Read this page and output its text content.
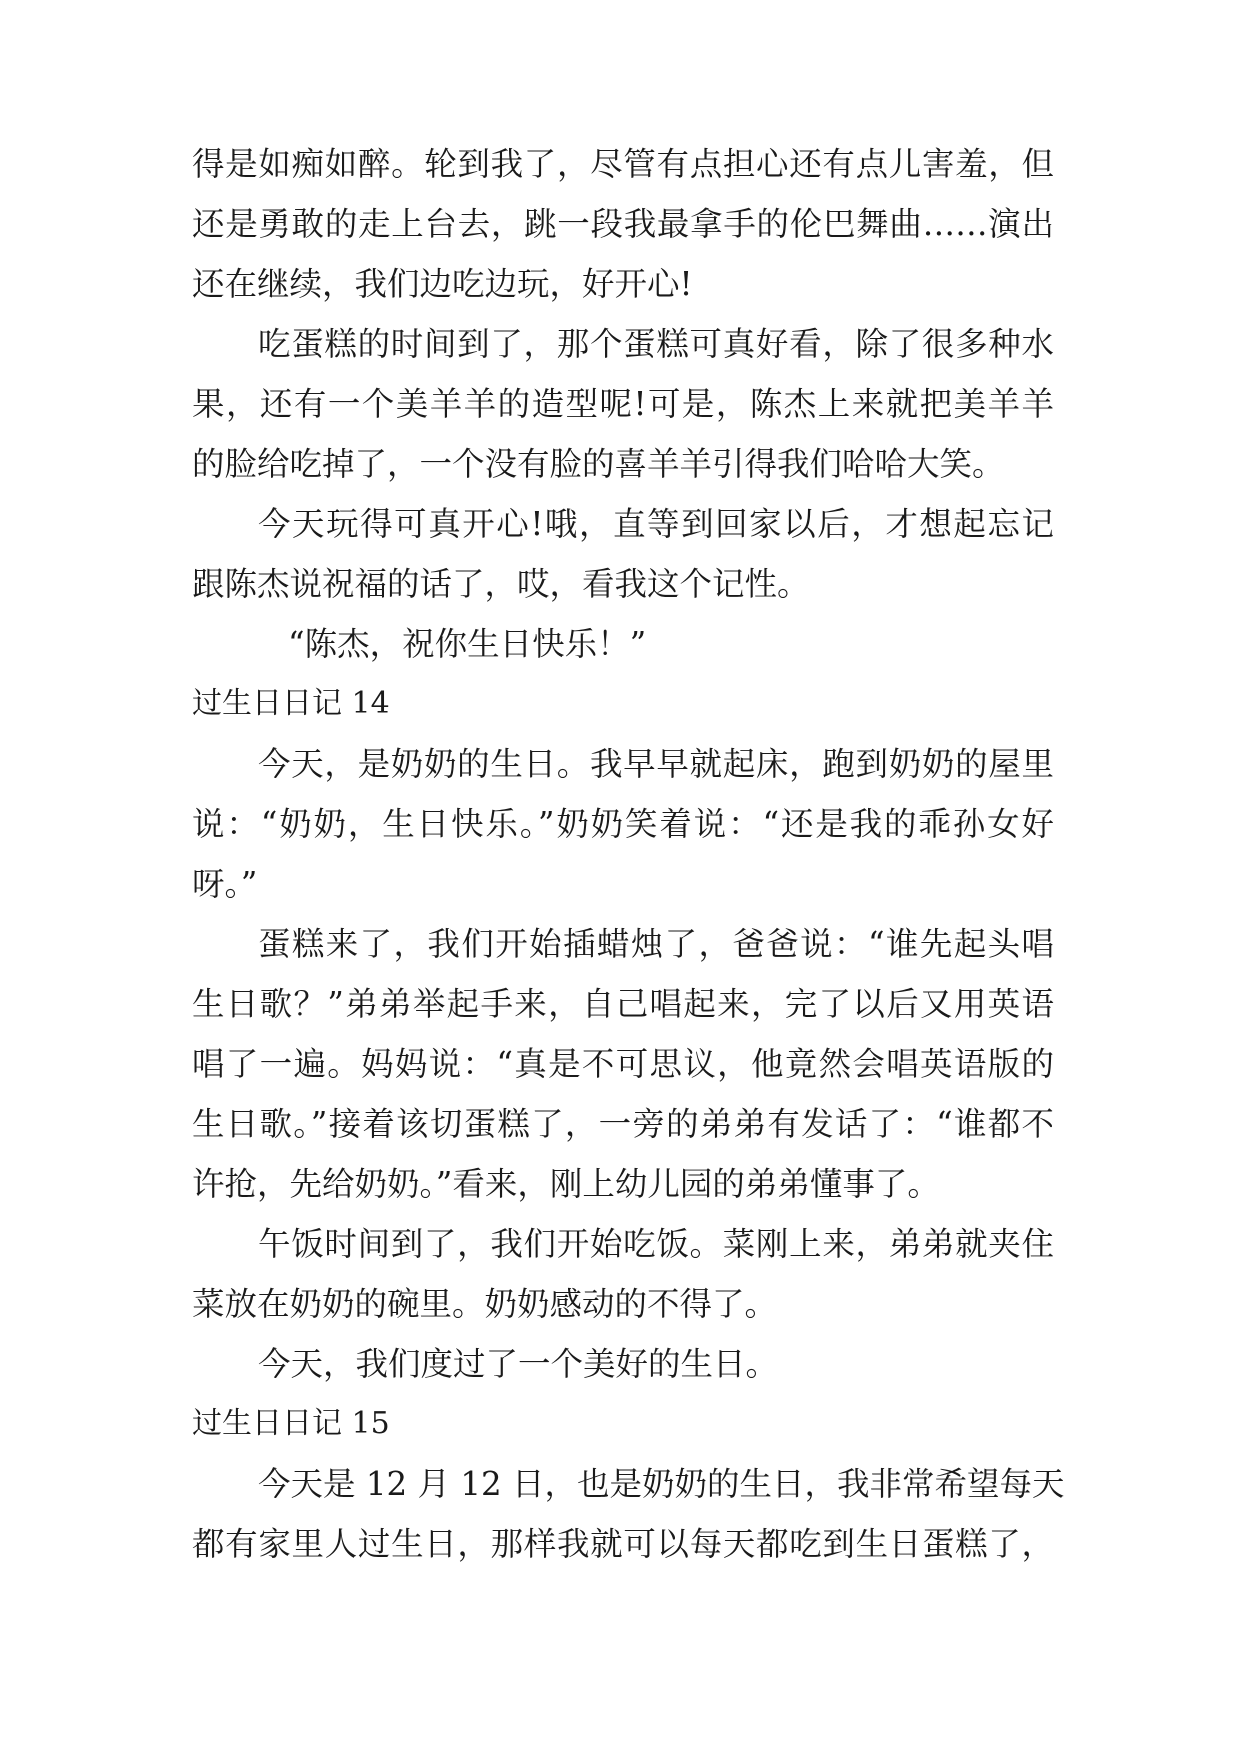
得是如痴如醉。轮到我了，尽管有点担心还有点儿害羞，但
还是勇敢的走上台去，跳一段我最拿手的伦巴舞曲……演出
还在继续，我们边吃边玩，好开心!
吃蛋糕的时间到了，那个蛋糕可真好看，除了很多种水
果，还有一个美羊羊的造型呢!可是，陈杰上来就把美羊羊
的脸给吃掉了，一个没有脸的喜羊羊引得我们哈哈大笑。
今天玩得可真开心!哦，直等到回家以后，才想起忘记
跟陈杰说祝福的话了，哎，看我这个记性。
“陈杰，祝你生日快乐！”
过生日日记 14
今天，是奶奶的生日。我早早就起床，跑到奶奶的屋里
说：“奶奶，生日快乐。”奶奶笑着说：“还是我的乖孙女好
呀。”
蛋糕来了，我们开始插蜡烛了，爸爸说：“谁先起头唱
生日歌？”弟弟举起手来，自己唱起来，完了以后又用英语
唱了一遍。妈妈说：“真是不可思议，他竟然会唱英语版的
生日歌。”接着该切蛋糕了，一旁的弟弟有发话了：“谁都不
许抢，先给奶奶。”看来，刚上幼儿园的弟弟懂事了。
午饭时间到了，我们开始吃饭。菜刚上来，弟弟就夹住
菜放在奶奶的碗里。奶奶感动的不得了。
今天，我们度过了一个美好的生日。
过生日日记 15
今天是 12 月 12 日，也是奶奶的生日，我非常希望每天
都有家里人过生日，那样我就可以每天都吃到生日蛋糕了，
